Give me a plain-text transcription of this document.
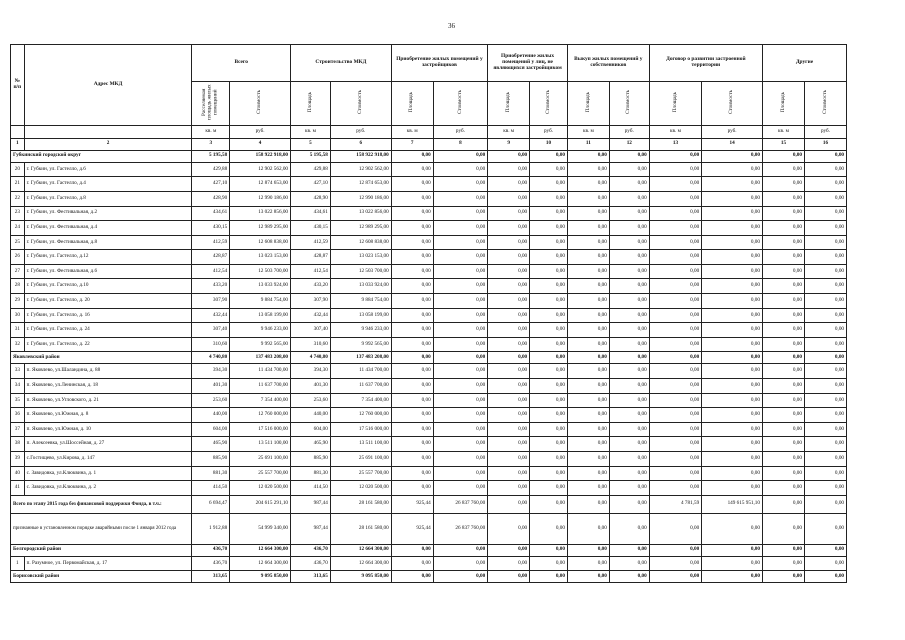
36
№ п/п	Адрес МКД	Всего		Строительство МКД		Приобретение жилых помещений у застройщиков		Приобретение жилых помещений у лиц, не являющихся застройщиком		Выкуп жилых помещений у собственников		Договор о развитии застроенной территории		Другие	
		Расселяемая площадь жилых помещений	Стоимость	Площадь	Стоимость	Площадь	Стоимость	Площадь	Стоимость	Площадь	Стоимость	Площадь	Стоимость	Площадь	Стоимость
		кв. м	руб.	кв. м	руб.	кв. м	руб.	кв. м	руб.	кв. м	руб.	кв. м	руб.	кв. м	руб.
1	2	3	4	5	6	7	8	9	10	11	12	13	14	15	16
Губкинский городской округ		5 195,58	158 922 918,00	5 195,58	158 922 918,00	0,00	0,00	0,00	0,00	0,00	0,00	0,00	0,00	0,00	0,00
20	г. Губкин, ул. Гастелло, д.6	429,88	12 902 562,00	429,88	12 902 562,00	0,00	0,00	0,00	0,00	0,00	0,00	0,00	0,00	0,00	0,00
21	г. Губкин, ул. Гастелло, д.4	427,10	12 874 653,00	427,10	12 874 653,00	0,00	0,00	0,00	0,00	0,00	0,00	0,00	0,00	0,00	0,00
22	г. Губкин, ул. Гастелло, д.8	428,90	12 990 186,00	428,90	12 990 186,00	0,00	0,00	0,00	0,00	0,00	0,00	0,00	0,00	0,00	0,00
23	г. Губкин, ул. Фестивальная, д.2	434,61	13 022 856,00	434,61	13 022 856,00	0,00	0,00	0,00	0,00	0,00	0,00	0,00	0,00	0,00	0,00
24	г. Губкин, ул. Фестивальная, д.4	430,15	12 989 295,00	430,15	12 989 295,00	0,00	0,00	0,00	0,00	0,00	0,00	0,00	0,00	0,00	0,00
25	г. Губкин, ул. Фестивальная, д.8	412,59	12 608 838,00	412,59	12 608 838,00	0,00	0,00	0,00	0,00	0,00	0,00	0,00	0,00	0,00	0,00
26	г. Губкин, ул. Гастелло, д.12	428,87	13 023 153,00	428,87	13 023 153,00	0,00	0,00	0,00	0,00	0,00	0,00	0,00	0,00	0,00	0,00
27	г. Губкин, ул. Фестивальная, д.6	412,54	12 503 700,00	412,54	12 503 700,00	0,00	0,00	0,00	0,00	0,00	0,00	0,00	0,00	0,00	0,00
28	г. Губкин, ул. Гастелло, д.10	433,20	13 033 924,00	433,20	13 033 924,00	0,00	0,00	0,00	0,00	0,00	0,00	0,00	0,00	0,00	0,00
29	г. Губкин, ул. Гастелло, д. 20	307,90	9 884 754,00	307,90	9 884 754,00	0,00	0,00	0,00	0,00	0,00	0,00	0,00	0,00	0,00	0,00
30	г. Губкин, ул. Гастелло, д. 16	432,44	13 058 199,00	432,44	13 058 199,00	0,00	0,00	0,00	0,00	0,00	0,00	0,00	0,00	0,00	0,00
31	г. Губкин, ул. Гастелло, д. 24	307,40	9 946 233,00	307,40	9 946 233,00	0,00	0,00	0,00	0,00	0,00	0,00	0,00	0,00	0,00	0,00
32	г. Губкин, ул. Гастелло, д. 22	310,60	9 992 565,00	310,60	9 992 565,00	0,00	0,00	0,00	0,00	0,00	0,00	0,00	0,00	0,00	0,00
Яковлевский район		4 740,80	137 483 208,00	4 740,80	137 483 208,00	0,00	0,00	0,00	0,00	0,00	0,00	0,00	0,00	0,00	0,00
33	п. Яковлево, ул.Шаландина, д. 88	394,30	11 434 700,00	394,30	11 434 700,00	0,00	0,00	0,00	0,00	0,00	0,00	0,00	0,00	0,00	0,00
34	п. Яковлево, ул.Ленинская, д. 18	401,30	11 637 700,00	401,30	11 637 700,00	0,00	0,00	0,00	0,00	0,00	0,00	0,00	0,00	0,00	0,00
35	п. Яковлево, ул.Угловского, д. 21	253,60	7 354 400,00	253,60	7 354 400,00	0,00	0,00	0,00	0,00	0,00	0,00	0,00	0,00	0,00	0,00
36	п. Яковлево, ул.Южная, д. 8	440,00	12 760 000,00	440,00	12 760 000,00	0,00	0,00	0,00	0,00	0,00	0,00	0,00	0,00	0,00	0,00
37	п. Яковлево, ул.Южная, д. 10	604,00	17 516 000,00	604,00	17 516 000,00	0,00	0,00	0,00	0,00	0,00	0,00	0,00	0,00	0,00	0,00
38	п. Алексеевка, ул.Шоссейная, д. 27	465,90	13 511 100,00	465,90	13 511 100,00	0,00	0,00	0,00	0,00	0,00	0,00	0,00	0,00	0,00	0,00
39	с.Гостищево, ул.Кирова, д. 147	885,90	25 691 100,00	885,90	25 691 100,00	0,00	0,00	0,00	0,00	0,00	0,00	0,00	0,00	0,00	0,00
40	с. Завидовка, ул.Клюквина, д. 1	881,30	25 557 700,00	881,30	25 557 700,00	0,00	0,00	0,00	0,00	0,00	0,00	0,00	0,00	0,00	0,00
41	с. Завидовка, ул.Клюквина, д. 2	414,50	12 020 500,00	414,50	12 020 500,00	0,00	0,00	0,00	0,00	0,00	0,00	0,00	0,00	0,00	0,00
Всего по этапу 2015 года без финансовой поддержки Фонда, в т.ч.:		6 694,47	204 615 291,10	987,44	28 161 580,00	925,44	26 837 760,00	0,00	0,00	0,00	0,00	4 781,59	149 615 951,10	0,00	0,00
признанные в установленном порядке аварийными после 1 января 2012 года		1 912,88	54 999 340,00	987,44	28 161 580,00	925,44	26 837 760,00	0,00	0,00	0,00	0,00	0,00	0,00	0,00	0,00
Белгородский район		436,70	12 664 300,00	436,70	12 664 300,00	0,00	0,00	0,00	0,00	0,00	0,00	0,00	0,00	0,00	0,00
1	п. Разумное, ул. Первомайская, д. 17	436,70	12 664 300,00	436,70	12 664 300,00	0,00	0,00	0,00	0,00	0,00	0,00	0,00	0,00	0,00	0,00
Борисовский район		313,65	9 095 850,00	313,65	9 095 850,00	0,00	0,00	0,00	0,00	0,00	0,00	0,00	0,00	0,00	0,00
